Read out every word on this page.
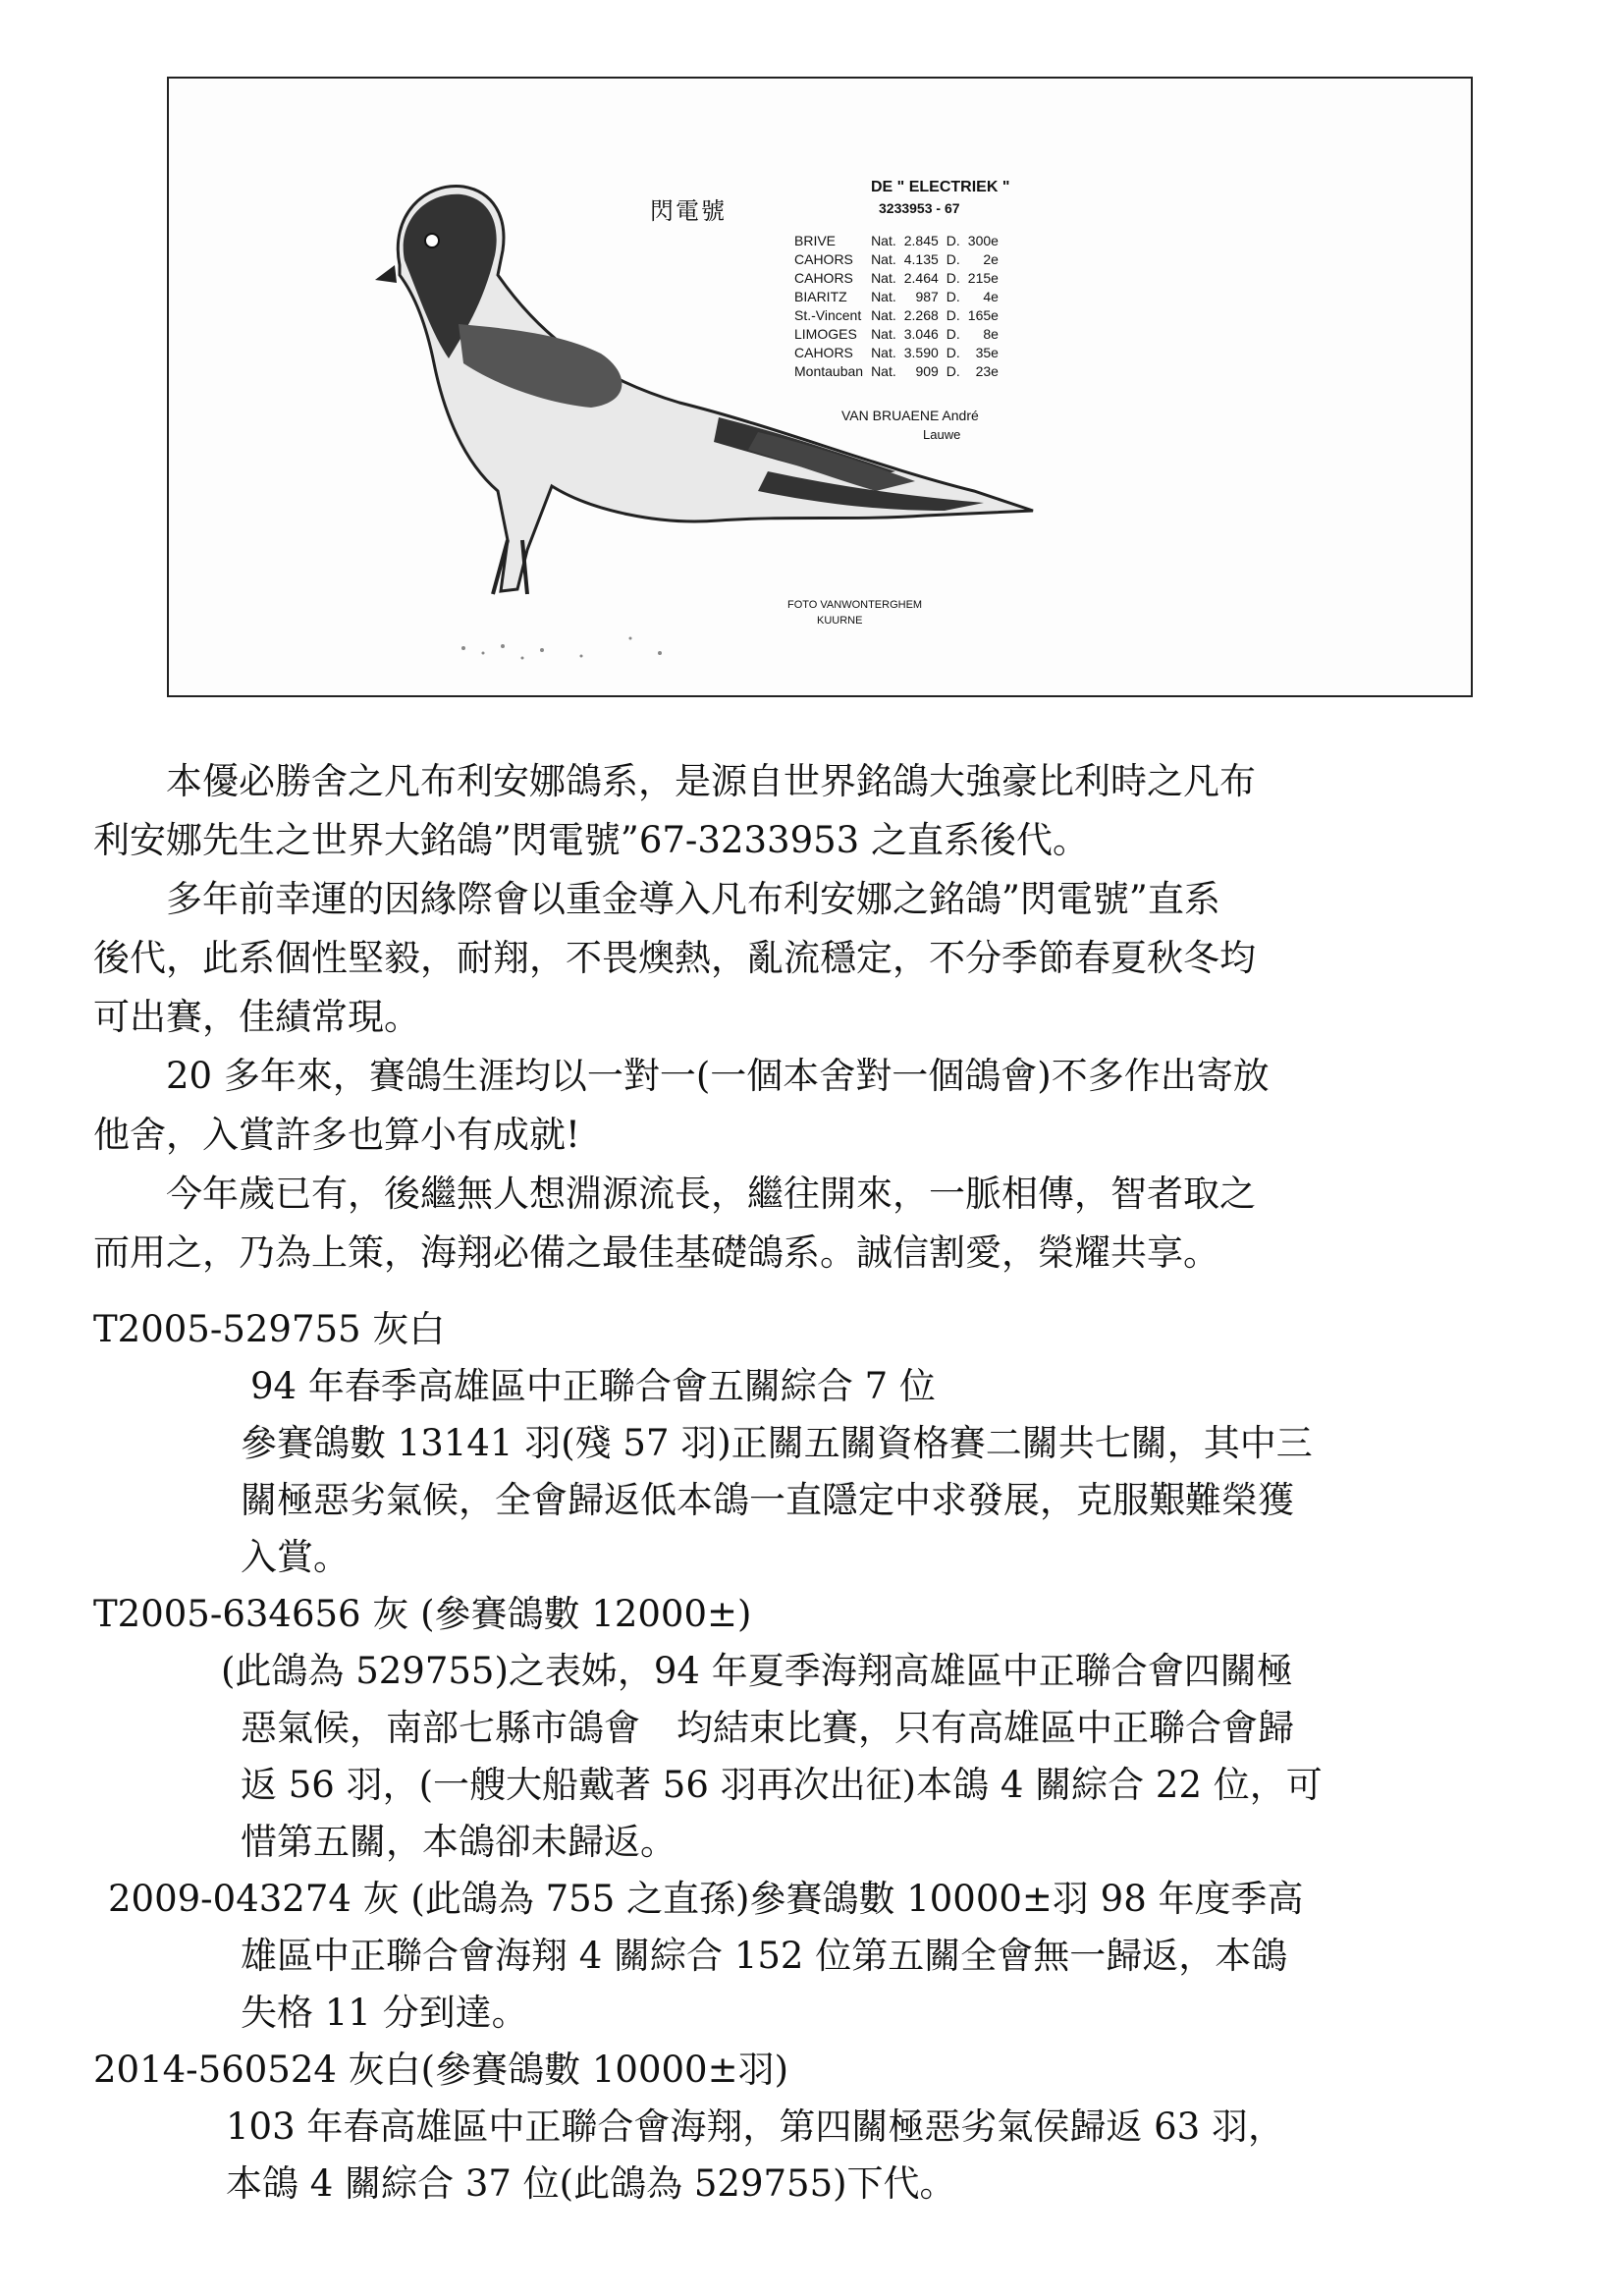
閃電號
DE " ELECTRIEK "
3233953 - 67
BRIVE	Nat.	2.845	D.	300e
CAHORS	Nat.	4.135	D.	2e
CAHORS	Nat.	2.464	D.	215e
BIARITZ	Nat.	987	D.	4e
St.-Vincent	Nat.	2.268	D.	165e
LIMOGES	Nat.	3.046	D.	8e
CAHORS	Nat.	3.590	D.	35e
Montauban	Nat.	909	D.	23e
VAN BRUAENE André
Lauwe
FOTO VANWONTERGHEM
KUURNE

　　本優必勝舍之凡布利安娜鴿系，是源自世界銘鴿大強豪比利時之凡布

利安娜先生之世界大銘鴿”閃電號”67-3233953 之直系後代。

　　多年前幸運的因緣際會以重金導入凡布利安娜之銘鴿”閃電號”直系

後代，此系個性堅毅，耐翔，不畏燠熱，亂流穩定，不分季節春夏秋冬均

可出賽，佳績常現。

　　20 多年來，賽鴿生涯均以一對一(一個本舍對一個鴿會)不多作出寄放

他舍，入賞許多也算小有成就!

　　今年歲已有，後繼無人想淵源流長，繼往開來，一脈相傳，智者取之

而用之，乃為上策，海翔必備之最佳基礎鴿系。誠信割愛，榮耀共享。

T2005-529755 灰白

94 年春季高雄區中正聯合會五關綜合 7 位

參賽鴿數 13141 羽(殘 57 羽)正關五關資格賽二關共七關，其中三

關極惡劣氣候，全會歸返低本鴿一直隱定中求發展，克服艱難榮獲

入賞。

T2005-634656 灰 (參賽鴿數 12000±)

(此鴿為 529755)之表姊，94 年夏季海翔高雄區中正聯合會四關極

惡氣候，南部七縣市鴿會　均結束比賽，只有高雄區中正聯合會歸

返 56 羽，(一艘大船戴著 56 羽再次出征)本鴿 4 關綜合 22 位，可

惜第五關，本鴿卻未歸返。

2009-043274 灰 (此鴿為 755 之直孫)參賽鴿數 10000±羽 98 年度季高

雄區中正聯合會海翔 4 關綜合 152 位第五關全會無一歸返，本鴿

失格 11 分到達。

2014-560524 灰白(參賽鴿數 10000±羽)

103 年春高雄區中正聯合會海翔，第四關極惡劣氣侯歸返 63 羽，

本鴿 4 關綜合 37 位(此鴿為 529755)下代。
